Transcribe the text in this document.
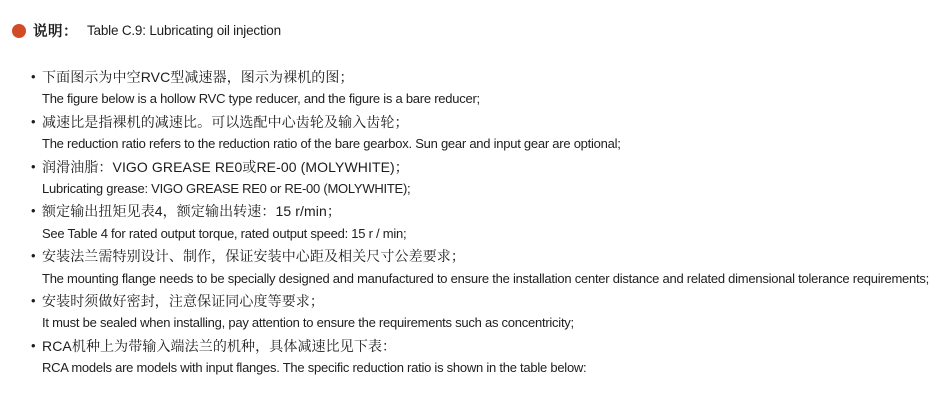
说明： Table C.9: Lubricating oil injection
• 下面图示为中空RVC型减速器，图示为裸机的图；
The figure below is a hollow RVC type reducer, and the figure is a bare reducer;
• 减速比是指裸机的减速比。可以选配中心齿轮及输入齿轮；
The reduction ratio refers to the reduction ratio of the bare gearbox. Sun gear and input gear are optional;
• 润滑油脂：VIGO GREASE RE0或RE-00 (MOLYWHITE)；
Lubricating grease: VIGO GREASE RE0 or RE-00 (MOLYWHITE);
• 额定输出扭矩见表4，额定输出转速：15 r/min；
See Table 4 for rated output torque, rated output speed: 15 r / min;
• 安装法兰需特别设计、制作，保证安装中心距及相关尺寸公差要求；
The mounting flange needs to be specially designed and manufactured to ensure the installation center distance and related dimensional tolerance requirements;
• 安装时须做好密封，注意保证同心度等要求；
It must be sealed when installing, pay attention to ensure the requirements such as concentricity;
• RCA机种上为带输入端法兰的机种，具体减速比见下表：
RCA models are models with input flanges. The specific reduction ratio is shown in the table below:
